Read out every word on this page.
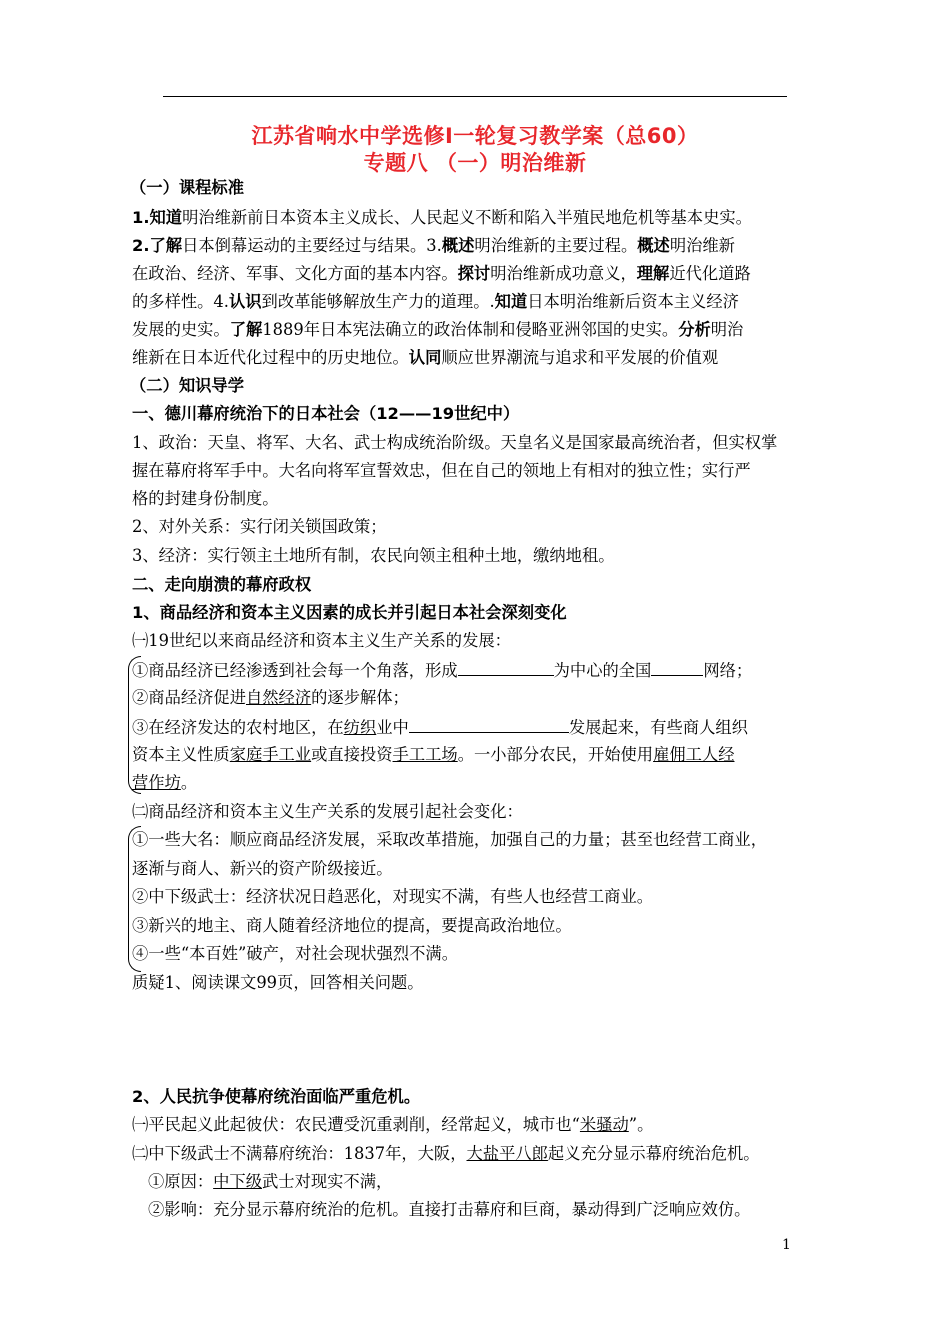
江苏省响水中学选修Ⅰ一轮复习教学案（总60）
专题八 （一）明治维新
（一）课程标准
1.知道明治维新前日本资本主义成长、人民起义不断和陷入半殖民地危机等基本史实。
2.了解日本倒幕运动的主要经过与结果。3.概述明治维新的主要过程。概述明治维新
在政治、经济、军事、文化方面的基本内容。探讨明治维新成功意义，理解近代化道路
的多样性。4.认识到改革能够解放生产力的道理。.知道日本明治维新后资本主义经济
发展的史实。了解1889年日本宪法确立的政治体制和侵略亚洲邻国的史实。分析明治
维新在日本近代化过程中的历史地位。认同顺应世界潮流与追求和平发展的价值观
（二）知识导学
一、德川幕府统治下的日本社会（12——19世纪中）
1、政治：天皇、将军、大名、武士构成统治阶级。天皇名义是国家最高统治者，但实权掌
握在幕府将军手中。大名向将军宣誓效忠，但在自己的领地上有相对的独立性；实行严
格的封建身份制度。
2、对外关系：实行闭关锁国政策；
3、经济：实行领主土地所有制，农民向领主租种土地，缴纳地租。
二、走向崩溃的幕府政权
1、商品经济和资本主义因素的成长并引起日本社会深刻变化
㈠19世纪以来商品经济和资本主义生产关系的发展：
①商品经济已经渗透到社会每一个角落，形成	为中心的全国	网络；
②商品经济促进自然经济的逐步解体；
③在经济发达的农村地区，在纺织业中	发展起来，有些商人组织
资本主义性质家庭手工业或直接投资手工工场。一小部分农民，开始使用雇佣工人经
营作坊。
㈡商品经济和资本主义生产关系的发展引起社会变化：
①一些大名：顺应商品经济发展，采取改革措施，加强自己的力量；甚至也经营工商业，
逐渐与商人、新兴的资产阶级接近。
②中下级武士：经济状况日趋恶化，对现实不满，有些人也经营工商业。
③新兴的地主、商人随着经济地位的提高，要提高政治地位。
④一些“本百姓”破产，对社会现状强烈不满。
质疑1、阅读课文99页，回答相关问题。
2、人民抗争使幕府统治面临严重危机。
㈠平民起义此起彼伏：农民遭受沉重剥削，经常起义，城市也“米骚动”。
㈡中下级武士不满幕府统治：1837年，大阪，大盐平八郎起义充分显示幕府统治危机。
①原因：中下级武士对现实不满，
②影响：充分显示幕府统治的危机。直接打击幕府和巨商，暴动得到广泛响应效仿。
1
